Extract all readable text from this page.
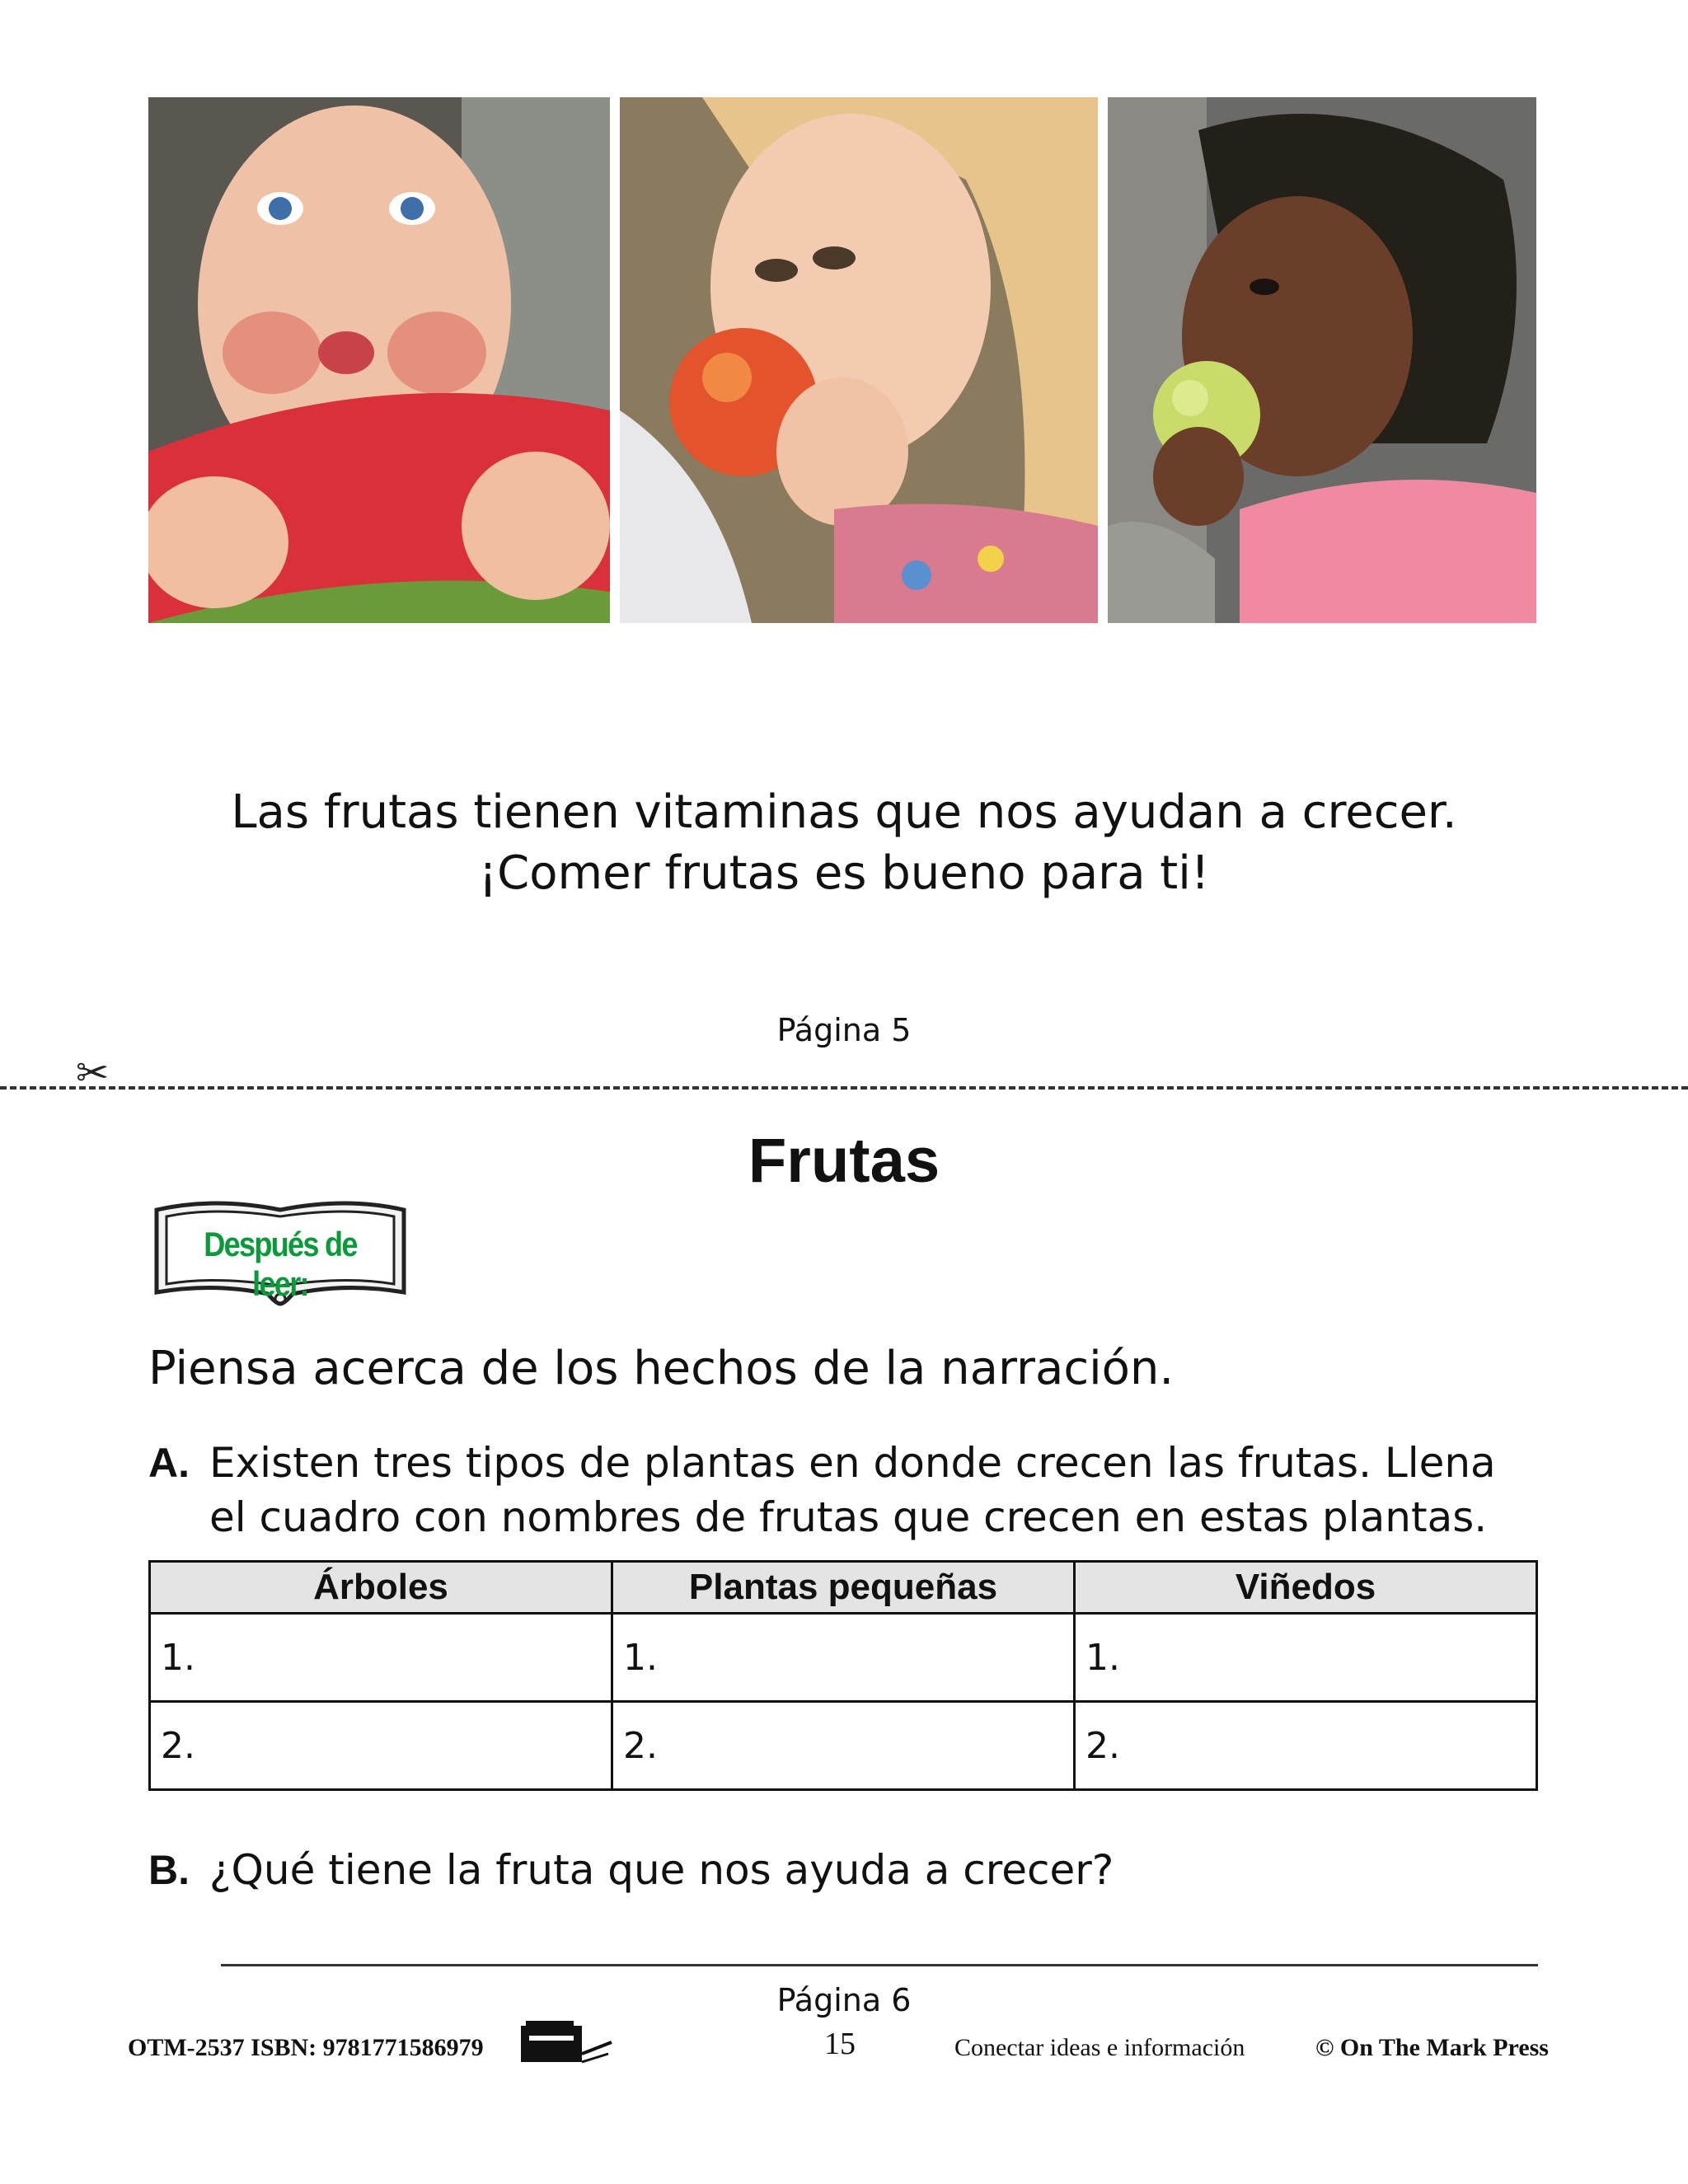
Las frutas tienen vitaminas que nos ayudan a crecer.
¡Comer frutas es bueno para ti!
Página 5
✂
Frutas
Después de leer:
Piensa acerca de los hechos de la narración.
A. Existen tres tipos de plantas en donde crecen las frutas. Llena
el cuadro con nombres de frutas que crecen en estas plantas.
Árboles	Plantas pequeñas	Viñedos
1.	1.	1.
2.	2.	2.
B. ¿Qué tiene la fruta que nos ayuda a crecer?
Página 6
OTM-2537 ISBN: 9781771586979	15	Conectar ideas e información	© On The Mark Press
